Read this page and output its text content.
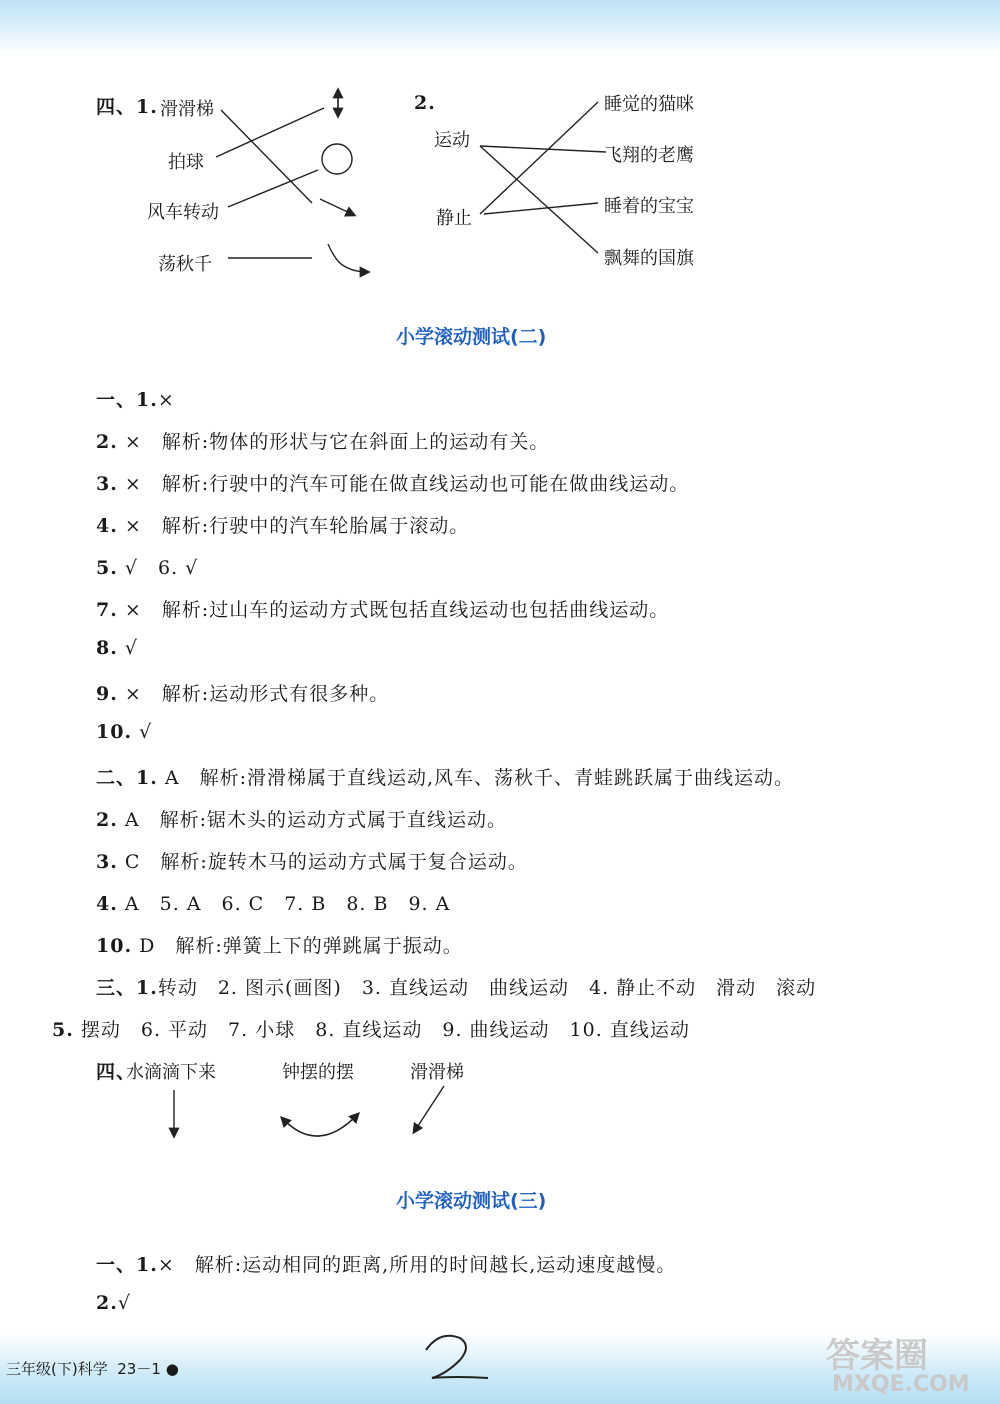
四、1. 滑滑梯
拍球
风车转动
荡秋千
2.
运动
静止
睡觉的猫咪
飞翔的老鹰
睡着的宝宝
飘舞的国旗
小学滚动测试(二)
一、1.×
2. ×　解析:物体的形状与它在斜面上的运动有关。
3. ×　解析:行驶中的汽车可能在做直线运动也可能在做曲线运动。
4. ×　解析:行驶中的汽车轮胎属于滚动。
5. √　6. √
7. ×　解析:过山车的运动方式既包括直线运动也包括曲线运动。
8. √
9. ×　解析:运动形式有很多种。
10. √
二、1. A　解析:滑滑梯属于直线运动,风车、荡秋千、青蛙跳跃属于曲线运动。
2. A　解析:锯木头的运动方式属于直线运动。
3. C　解析:旋转木马的运动方式属于复合运动。
4. A　5. A　6. C　7. B　8. B　9. A
10. D　解析:弹簧上下的弹跳属于振动。
三、1.转动　2. 图示(画图)　3. 直线运动　曲线运动　4. 静止不动　滑动　滚动
5. 摆动　6. 平动　7. 小球　8. 直线运动　9. 曲线运动　10. 直线运动
四、
水滴滴下来	钟摆的摆	滑滑梯
小学滚动测试(三)
一、1.×　解析:运动相同的距离,所用的时间越长,运动速度越慢。
2.√
三年级(下)科学 23－1 ●	答案圈
MXQE.COM
